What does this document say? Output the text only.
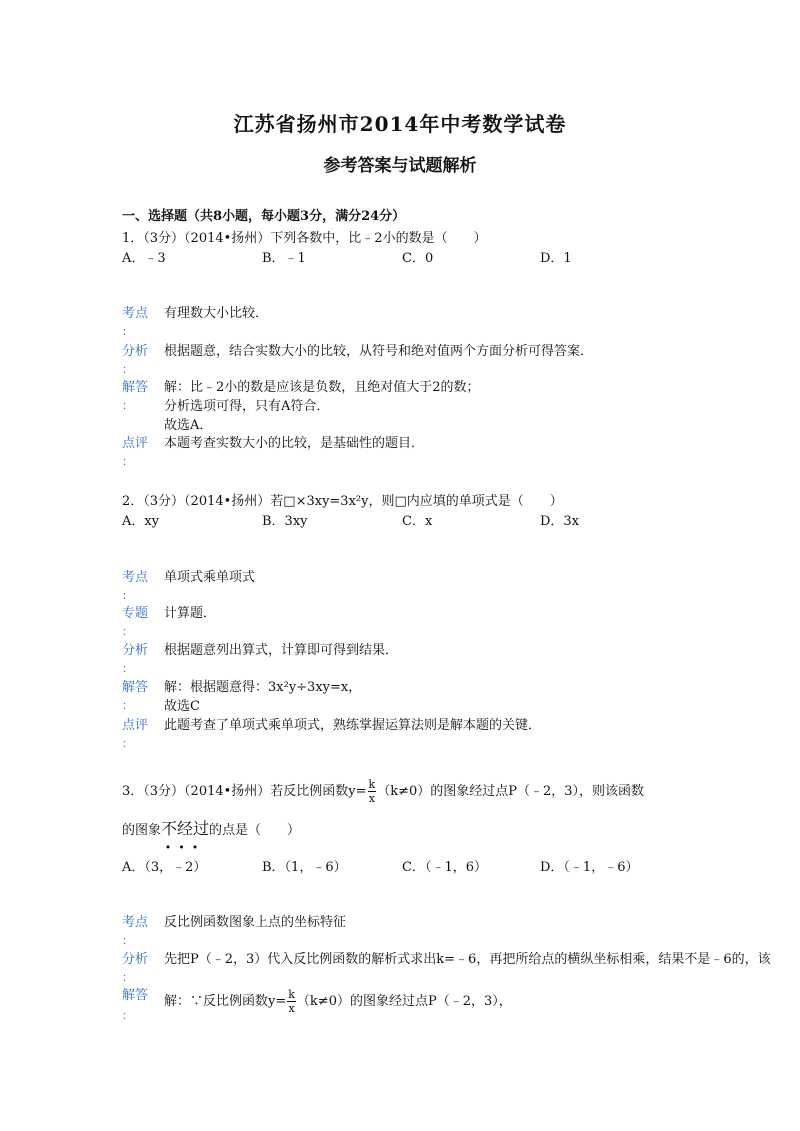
江苏省扬州市2014年中考数学试卷
参考答案与试题解析
一、选择题（共8小题，每小题3分，满分24分）
1．（3分）（2014•扬州）下列各数中，比﹣2小的数是（　　）
A．﹣3	B．﹣1	C．0	D．1
考点
：
有理数大小比较．
分析
：
根据题意，结合实数大小的比较，从符号和绝对值两个方面分析可得答案．
解答
：
解：比﹣2小的数是应该是负数，且绝对值大于2的数；
分析选项可得，只有A符合．
故选A．
点评
：
本题考查实数大小的比较，是基础性的题目．
2．（3分）（2014•扬州）若□×3xy=3x²y，则□内应填的单项式是（　　）
A．xy	B．3xy	C．x	D．3x
考点
：
单项式乘单项式
专题
：
计算题．
分析
：
根据题意列出算式，计算即可得到结果．
解答
：
解：根据题意得：3x²y÷3xy=x，
故选C
点评
：
此题考查了单项式乘单项式，熟练掌握运算法则是解本题的关键．
3．（3分）（2014•扬州）若反比例函数$y= \frac{k}{x} (k\ne 0)$的图象经过点P（﹣2，3），则该函数
的图象不经过
•••
的点是（　　）
A．（3，﹣2）	B．（1，﹣6）	C．（﹣1，6）	D．（﹣1，﹣6）
考点
：
反比例函数图象上点的坐标特征
分析
：
先把P（﹣2，3）代入反比例函数的解析式求出k=﹣6，再把所给点的横纵坐标相乘，结果不是﹣6的，该
解答
：
解：∵反比例函数$y= \frac{k}{x} (k\ne 0)$的图象经过点P（﹣2，3），
